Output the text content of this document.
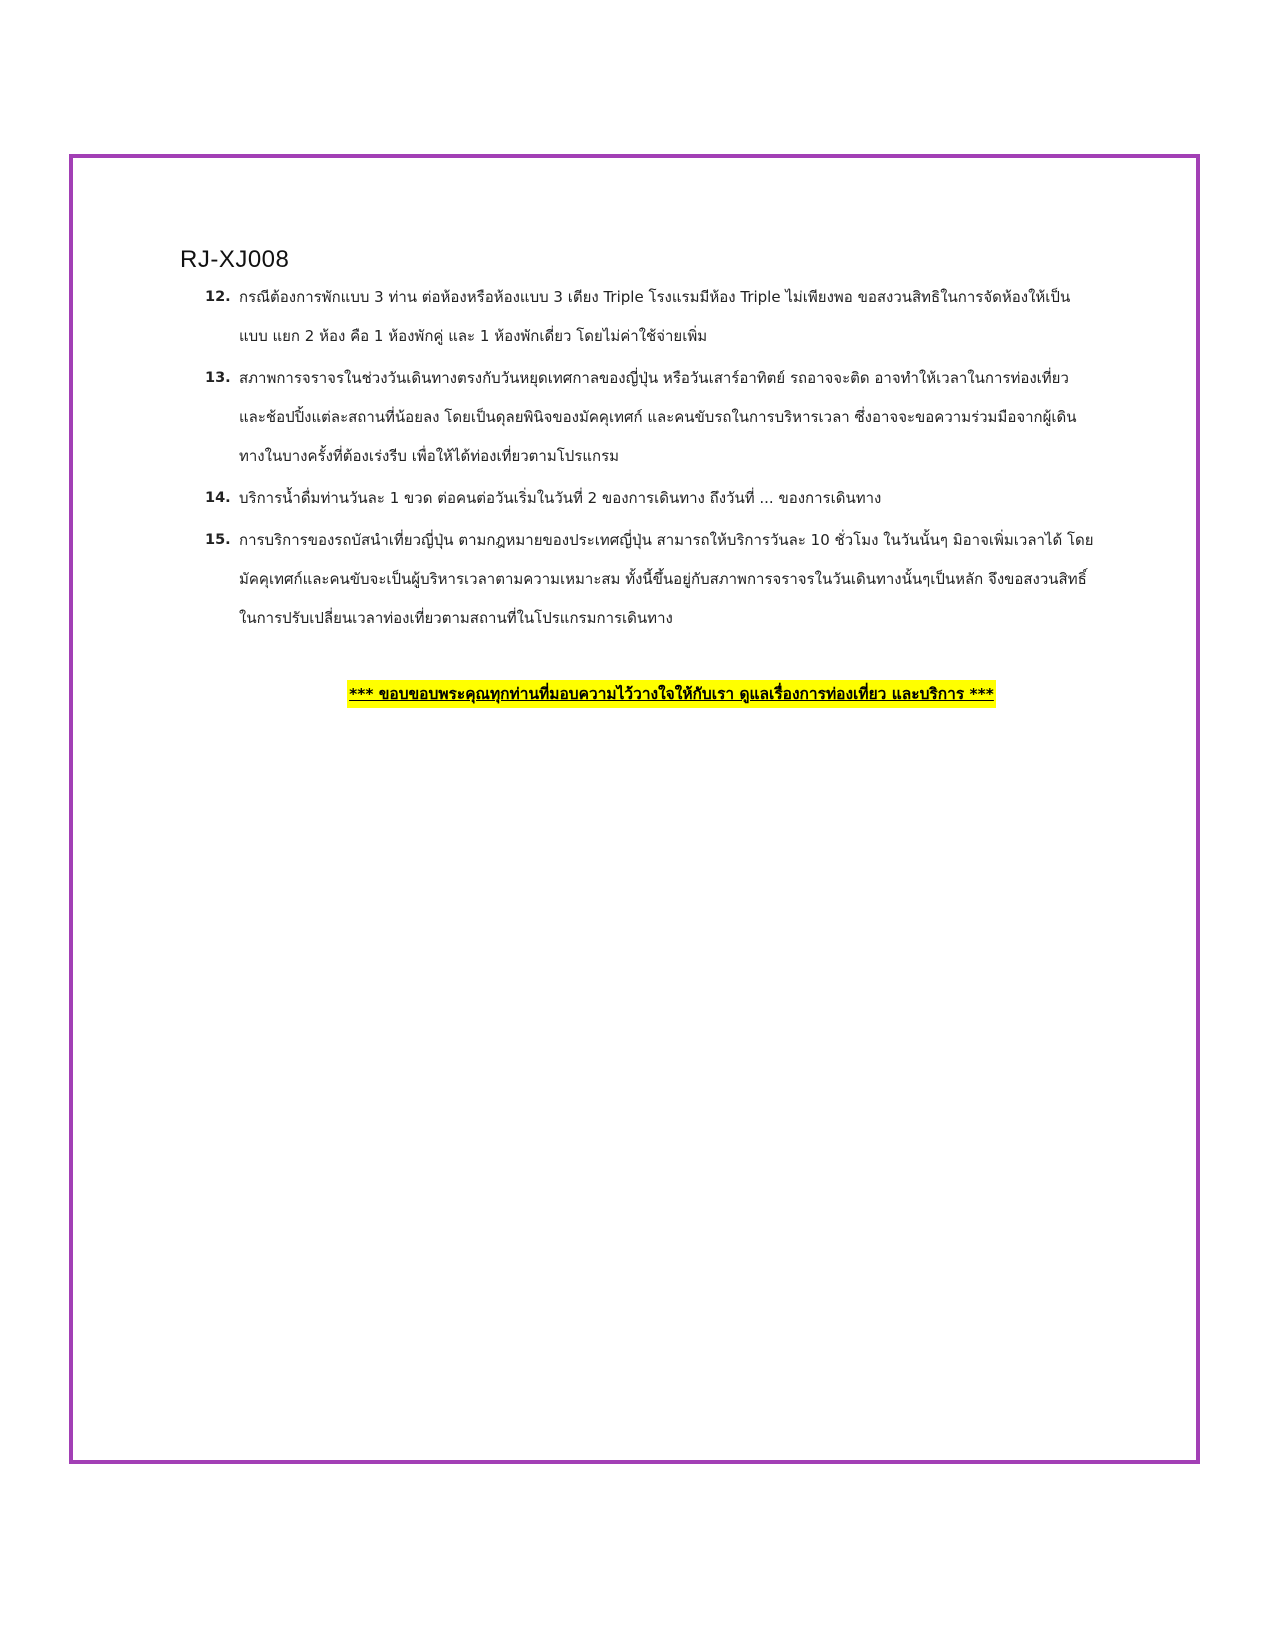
RJ-XJ008
12. กรณีต้องการพักแบบ 3 ท่าน ต่อห้องหรือห้องแบบ 3 เตียง Triple โรงแรมมีห้อง Triple ไม่เพียงพอ ขอสงวนสิทธิในการจัดห้องให้เป็นแบบ แยก 2 ห้อง คือ 1 ห้องพักคู่ และ 1 ห้องพักเดี่ยว โดยไม่ค่าใช้จ่ายเพิ่ม
13. สภาพการจราจรในช่วงวันเดินทางตรงกับวันหยุดเทศกาลของญี่ปุ่น หรือวันเสาร์อาทิตย์ รถอาจจะติด อาจทำให้เวลาในการท่องเที่ยว และช้อปปิ้งแต่ละสถานที่น้อยลง โดยเป็นดุลยพินิจของมัคคุเทศก์ และคนขับรถในการบริหารเวลา ซึ่งอาจจะขอความร่วมมือจากผู้เดินทางในบางครั้งที่ต้องเร่งรีบ เพื่อให้ได้ท่องเที่ยวตามโปรแกรม
14. บริการน้ำดื่มท่านวันละ 1 ขวด ต่อคนต่อวันเริ่มในวันที่ 2 ของการเดินทาง ถึงวันที่ ... ของการเดินทาง
15. การบริการของรถบัสนำเที่ยวญี่ปุ่น ตามกฎหมายของประเทศญี่ปุ่น สามารถให้บริการวันละ 10 ชั่วโมง ในวันนั้นๆ มิอาจเพิ่มเวลาได้ โดยมัคคุเทศก์และคนขับจะเป็นผู้บริหารเวลาตามความเหมาะสม ทั้งนี้ขึ้นอยู่กับสภาพการจราจรในวันเดินทางนั้นๆเป็นหลัก จึงขอสงวนสิทธิ์ในการปรับเปลี่ยนเวลาท่องเที่ยวตามสถานที่ในโปรแกรมการเดินทาง
*** ขอบขอบพระคุณทุกท่านที่มอบความไว้วางใจให้กับเรา ดูแลเรื่องการท่องเที่ยว และบริการ ***
